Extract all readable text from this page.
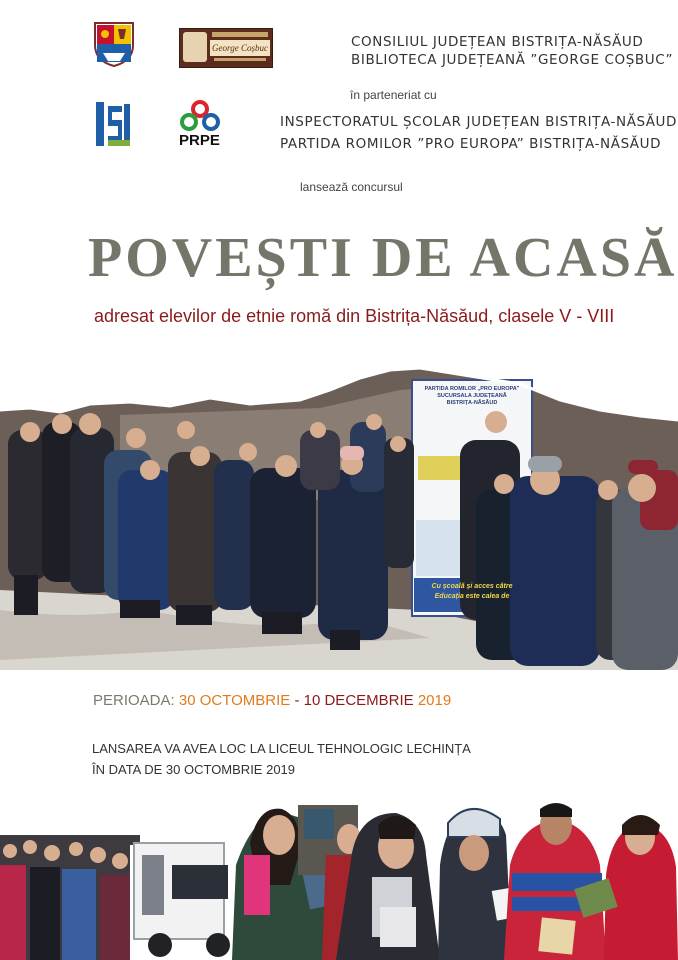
George Coșbuc	CONSILIUL JUDEȚEAN BISTRIȚA-NĂSĂUD
BIBLIOTECA JUDEȚEANĂ ”GEORGE COȘBUC”
în parteneriat cu
PRPE
INSPECTORATUL ȘCOLAR JUDEȚEAN BISTRIȚA-NĂSĂUD
PARTIDA ROMILOR ”PRO EUROPA” BISTRIȚA-NĂSĂUD
lansează concursul
POVEȘTI DE ACASĂ
adresat elevilor de etnie romă din Bistrița-Năsăud, clasele V - VIII
PARTIDA ROMILOR „PRO EUROPA"
SUCURSALA JUDEȚEANĂ
BISTRIȚA-NĂSĂUD
Cu școală și acces către
Educația este calea de
PERIOADA: 30 OCTOMBRIE - 10 DECEMBRIE 2019
LANSAREA VA AVEA LOC LA LICEUL TEHNOLOGIC LECHINȚA
ÎN DATA DE 30 OCTOMBRIE 2019
